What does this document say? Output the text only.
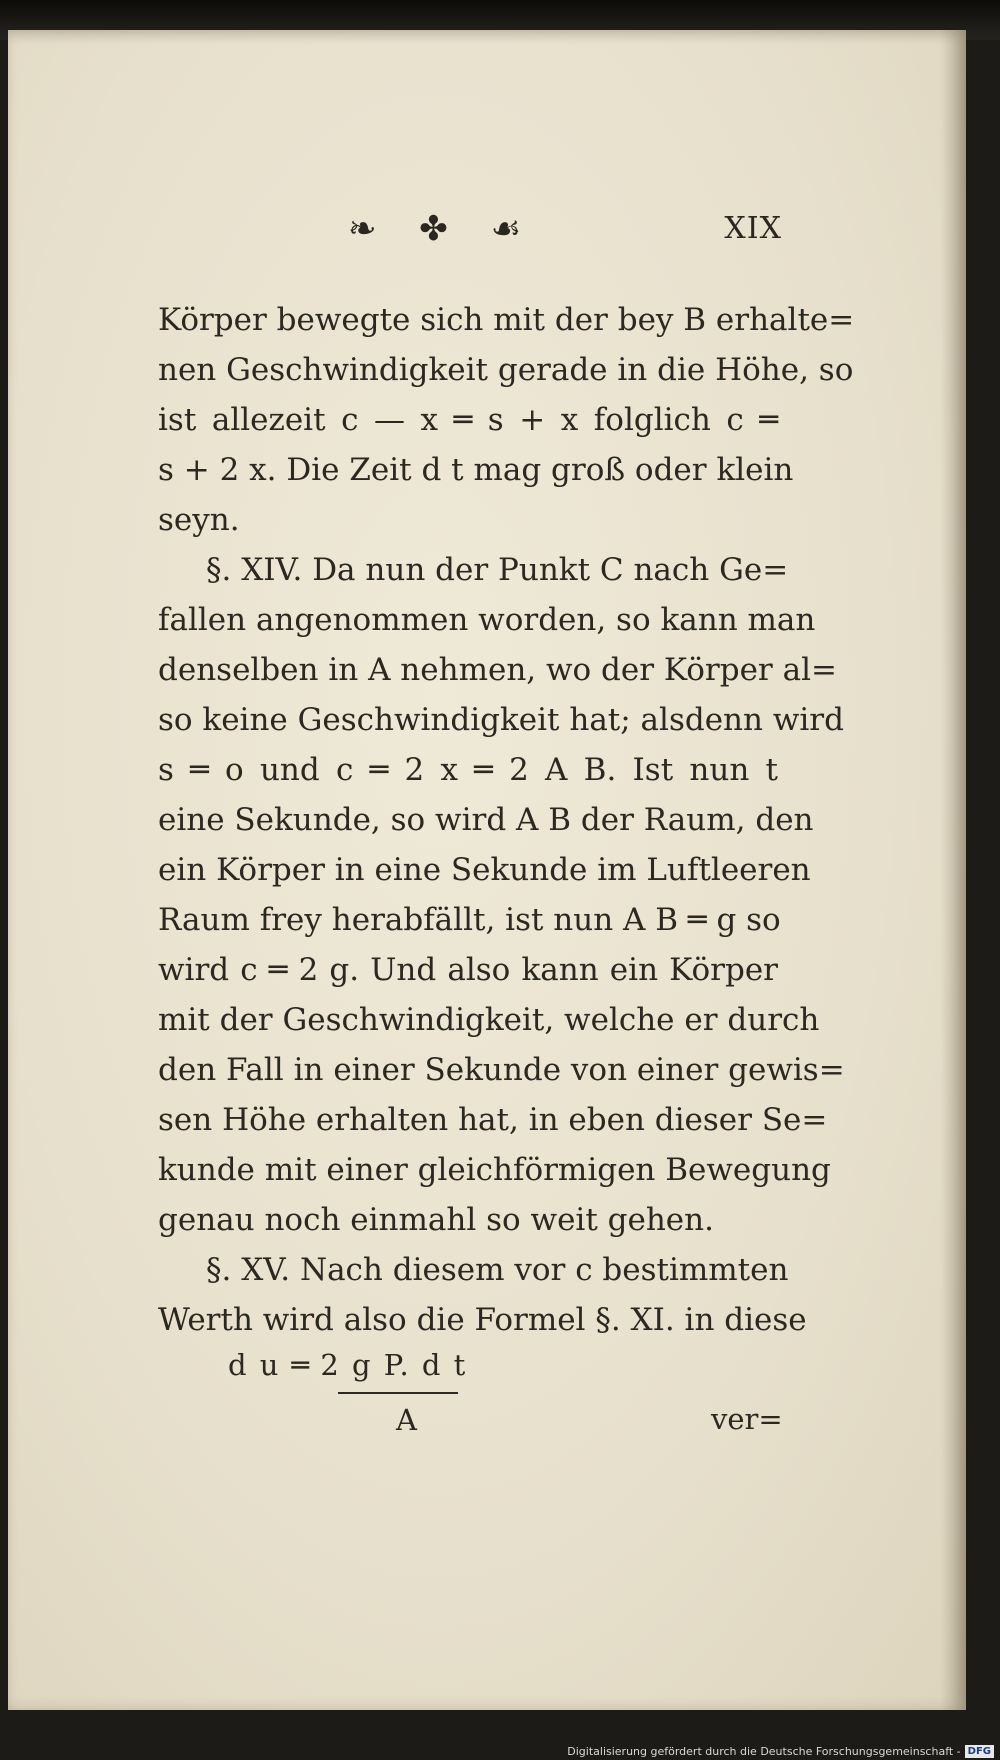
❧ ✤ ☙	XIX
Körper bewegte sich mit der bey B erhalte=
nen Geschwindigkeit gerade in die Höhe, so
ist allezeit c — x ═ s + x folglich c ═
s + 2 x. Die Zeit d t mag groß oder klein
seyn.
§. XIV. Da nun der Punkt C nach Ge=
fallen angenommen worden, so kann man
denselben in A nehmen, wo der Körper al=
so keine Geschwindigkeit hat; alsdenn wird
s ═ o und c ═ 2 x ═ 2 A B. Ist nun t
eine Sekunde, so wird A B der Raum, den
ein Körper in eine Sekunde im Luftleeren
Raum frey herabfällt, ist nun A B ═ g so
wird c ═ 2 g. Und also kann ein Körper
mit der Geschwindigkeit, welche er durch
den Fall in einer Sekunde von einer gewis=
sen Höhe erhalten hat, in eben dieser Se=
kunde mit einer gleichförmigen Bewegung
genau noch einmahl so weit gehen.
§. XV. Nach diesem vor c bestimmten
Werth wird also die Formel §. XI. in diese
d u ═ 2 g P. d t
A	ver=
Digitalisierung gefördert durch die Deutsche Forschungsgemeinschaft - DFG
